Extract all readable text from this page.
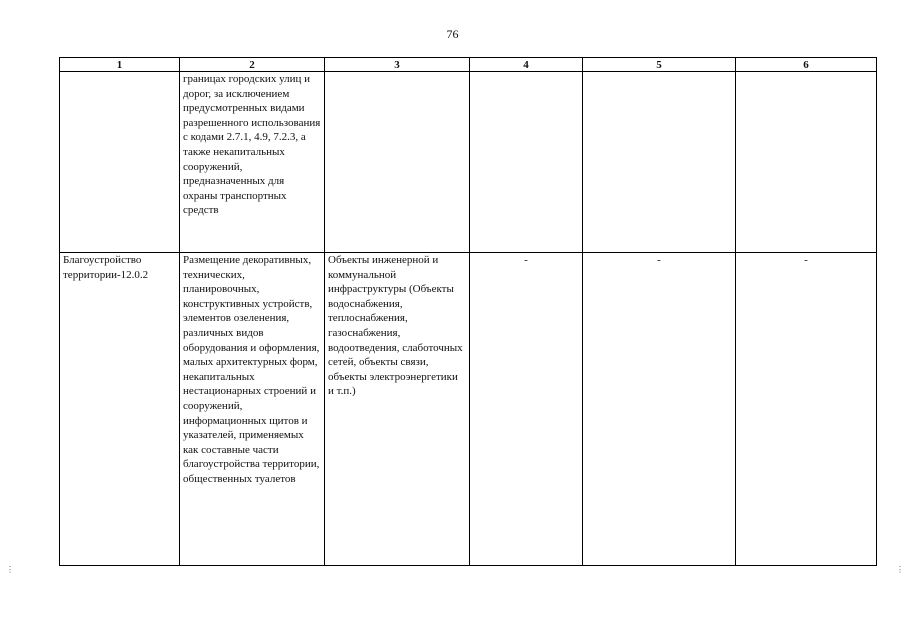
76
1	2	3	4	5	6
	границах городских улиц и дорог, за исключением предусмотренных видами разрешенного использования с кодами 2.7.1, 4.9, 7.2.3, а также некапитальных сооружений, предназначенных для охраны транспортных средств				
Благоустройство территории-12.0.2	Размещение декоративных, технических, планировочных, конструктивных устройств, элементов озеленения, различных видов оборудования и оформления, малых архитектурных форм, некапитальных нестационарных строений и сооружений, информационных щитов и указателей, применяемых как составные части благоустройства территории, общественных туалетов	Объекты инженерной и коммунальной инфраструктуры (Объекты водоснабжения, теплоснабжения, газоснабжения, водоотведения, слаботочных сетей, объекты связи, объекты электроэнергетики и т.п.)	-	-	-
⋮	⋮
